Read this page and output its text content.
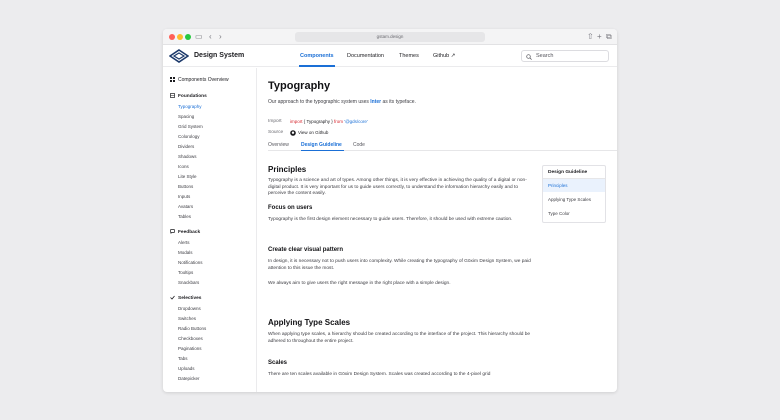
▭ ‹ ›	gstam.design	⇧ + ⧉
Design System	Components Documentation	Themes	Github ↗	Search
Components Overview
Foundations
Typography
Spacing
Grid System
Colorology
Dividers
Shadows
Icons
Lite Style
Buttons
Inputs
Avatars
Tables
Feedback
Alerts
Modals
Notifications
Tooltips
Snackbars
Selectives
Dropdowns
Switches
Radio Buttons
Checkboxes
Paginations
Tabs
Uploads
Datepicker
Typography
Our approach to the typographic system uses Inter as its typeface.
Import import { Typography } from '@gds/core'
Source	View on Github
Overview Design Guideline Code
Principles
Typography is a science and art of types. Among other things, it is very effective in achieving the quality of a digital or non-digital product. It is very important for us to guide users correctly, to understand the information hierarchy easily and to perceive the content easily.
Focus on users
Typography is the first design element necessary to guide users. Therefore, it should be used with extreme caution.
Create clear visual pattern
In design, it is necessary not to push users into complexity. While creating the typography of Göxim Design System, we paid attention to this issue the most.
We always aim to give users the right message in the right place with a simple design.
Applying Type Scales
When applying type scales, a hierarchy should be created according to the interface of the project. This hierarchy should be adhered to throughout the entire project.
Scales
There are ten scales available in Göxim Design System. Scales was created according to the 4-pixel grid
Design Guideline
Principles
Applying Type Scales
Type Color
